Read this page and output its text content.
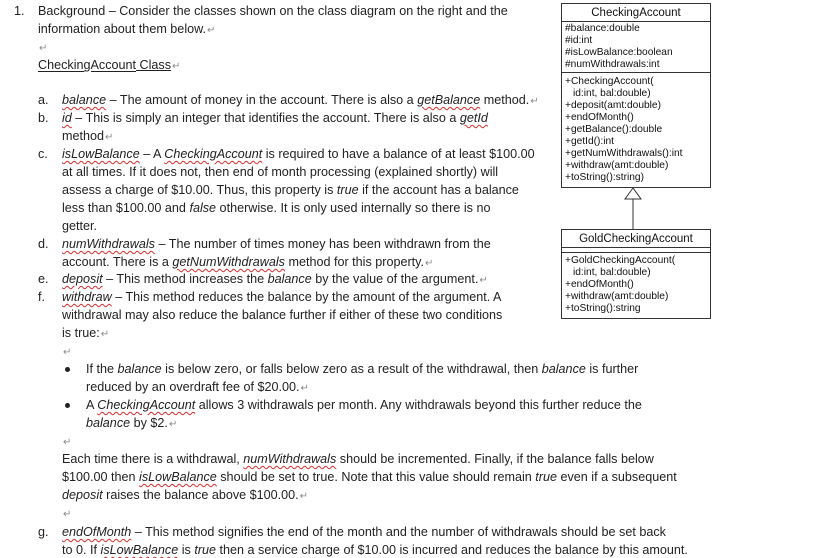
1. Background – Consider the classes shown on the class diagram on the right and the
information about them below.↵
↵
CheckingAccount Class↵
a. balance – The amount of money in the account. There is also a getBalance method.↵
b. id – This is simply an integer that identifies the account. There is also a getId
method↵
c. isLowBalance – A CheckingAccount is required to have a balance of at least $100.00
at all times. If it does not, then end of month processing (explained shortly) will
assess a charge of $10.00. Thus, this property is true if the account has a balance
less than $100.00 and false otherwise. It is only used internally so there is no
getter.
d. numWithdrawals – The number of times money has been withdrawn from the
account. There is a getNumWithdrawals method for this property.↵
e. deposit – This method increases the balance by the value of the argument.↵
f. withdraw – This method reduces the balance by the amount of the argument. A
withdrawal may also reduce the balance further if either of these two conditions
is true:↵
↵
If the balance is below zero, or falls below zero as a result of the withdrawal, then balance is further
reduced by an overdraft fee of $20.00.↵
A CheckingAccount allows 3 withdrawals per month. Any withdrawals beyond this further reduce the
balance by $2.↵
↵
Each time there is a withdrawal, numWithdrawals should be incremented. Finally, if the balance falls below
$100.00 then isLowBalance should be set to true. Note that this value should remain true even if a subsequent
deposit raises the balance above $100.00.↵
↵
g. endOfMonth – This method signifies the end of the month and the number of withdrawals should be set back
to 0. If isLowBalance is true then a service charge of $10.00 is incurred and reduces the balance by this amount.
CheckingAccount
#balance:double
#id:int
#isLowBalance:boolean
#numWithdrawals:int
+CheckingAccount(
id:int, bal:double)
+deposit(amt:double)
+endOfMonth()
+getBalance():double
+getId():int
+getNumWithdrawals():int
+withdraw(amt:double)
+toString():string)
GoldCheckingAccount
+GoldCheckingAccount(
id:int, bal:double)
+endOfMonth()
+withdraw(amt:double)
+toString():string
